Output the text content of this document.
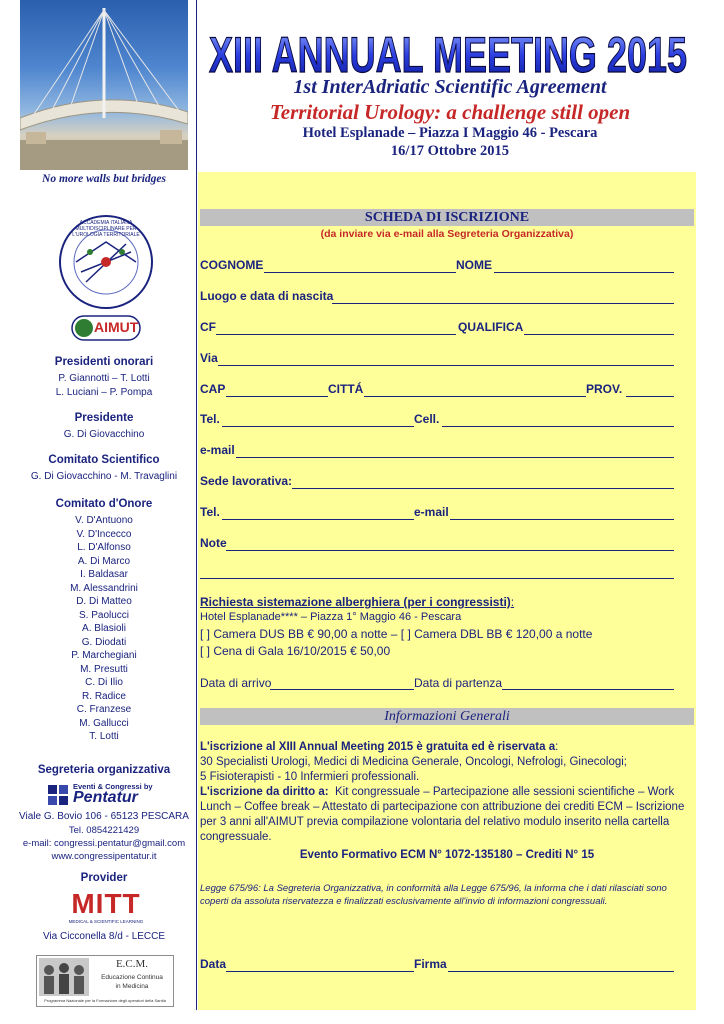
No more walls but bridges
AIMUT
ACCADEMIA ITALIANA MULTIDISCIPLINARE PER L'UROLOGIA TERRITORIALE
Presidenti onorari
P. Giannotti – T. Lotti
L. Luciani – P. Pompa
Presidente
G. Di Giovacchino
Comitato Scientifico
G. Di Giovacchino - M. Travaglini
Comitato d'Onore
V. D'Antuono
V. D'Incecco
L. D'Alfonso
A. Di Marco
I. Baldasar
M. Alessandrini
D. Di Matteo
S. Paolucci
A. Blasioli
G. Diodati
P. Marchegiani
M. Presutti
C. Di Ilio
R. Radice
C. Franzese
M. Gallucci
T. Lotti
Segreteria organizzativa
Eventi & Congressi by
Pentatur
Viale G. Bovio 106 - 65123 PESCARA
Tel. 0854221429
e-mail: congressi.pentatur@gmail.com
www.congressipentatur.it
Provider
MITT
MEDICAL & SCIENTIFIC LEARNING
Via Cicconella 8/d - LECCE
E.C.M.
Educazione Continua
in Medicina
Programma Nazionale per la Formazione degli operatori della Sanità
XIII ANNUAL MEETING 2015
1st InterAdriatic Scientific Agreement
Territorial Urology: a challenge still open
Hotel Esplanade – Piazza I Maggio 46 - Pescara
16/17 Ottobre 2015
SCHEDA DI ISCRIZIONE
(da inviare via e-mail alla Segreteria Organizzativa)
COGNOME	NOME
Luogo e data di nascita
CF	QUALIFICA
Via
CAP	CITTÁ	PROV.
Tel.	Cell.
e-mail
Sede lavorativa:
Tel.	e-mail
Note
Richiesta sistemazione alberghiera (per i congressisti):
Hotel Esplanade**** – Piazza 1° Maggio 46 - Pescara
[ ] Camera DUS BB € 90,00 a notte – [ ] Camera DBL BB € 120,00 a notte
[ ] Cena di Gala 16/10/2015 € 50,00
Data di arrivo	Data di partenza
Informazioni Generali
L'iscrizione al XIII Annual Meeting 2015 è gratuita ed è riservata a:
30 Specialisti Urologi, Medici di Medicina Generale, Oncologi, Nefrologi, Ginecologi;
5 Fisioterapisti - 10 Infermieri professionali.
L'iscrizione da diritto a: Kit congressuale – Partecipazione alle sessioni scientifiche – Work
Lunch – Coffee break – Attestato di partecipazione con attribuzione dei crediti ECM – Iscrizione
per 3 anni all'AIMUT previa compilazione volontaria del relativo modulo inserito nella cartella
congressuale.
Evento Formativo ECM N° 1072-135180 – Crediti N° 15
Legge 675/96: La Segreteria Organizzativa, in conformità alla Legge 675/96, la informa che i dati rilasciati sono coperti da assoluta riservatezza e finalizzati esclusivamente all'invio di informazioni congressuali.
Data	Firma
